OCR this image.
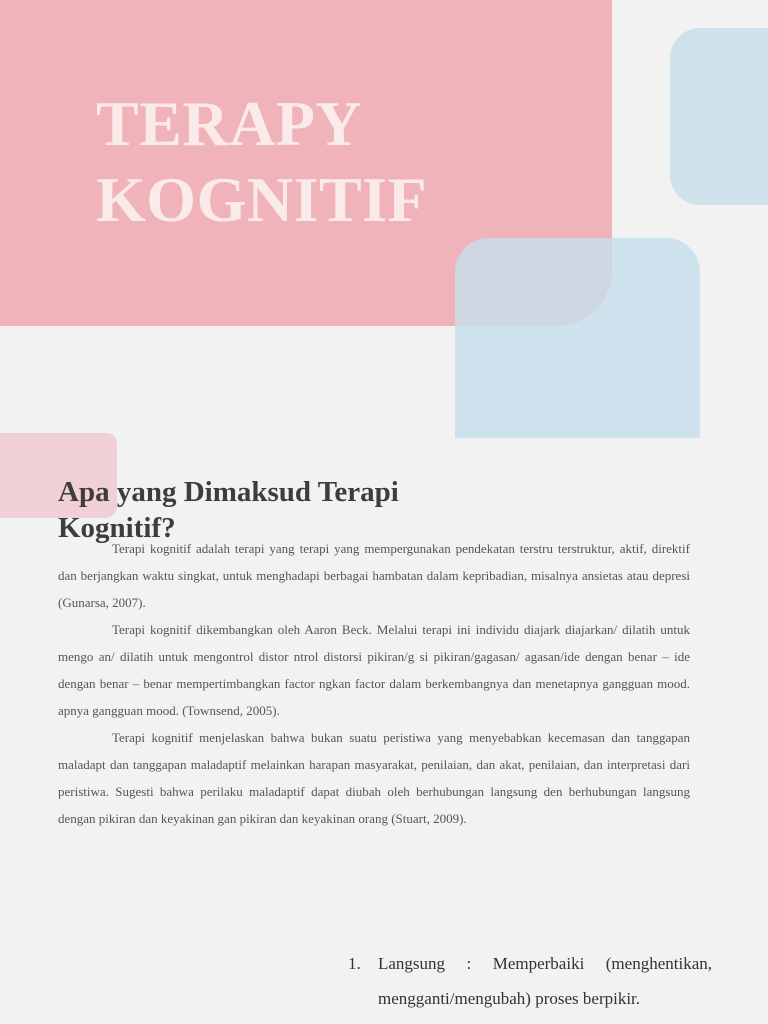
TERAPY
KOGNITIF
Apa yang Dimaksud Terapi Kognitif?

Terapi kognitif adalah terapi yang terapi yang mempergunakan pendekatan terstru terstruktur, aktif, direktif dan berjangkan waktu singkat, untuk menghadapi berbagai hambatan dalam kepribadian, misalnya ansietas atau depresi (Gunarsa, 2007).

Terapi kognitif dikembangkan oleh Aaron Beck. Melalui terapi ini individu diajark diajarkan/ dilatih untuk mengo an/ dilatih untuk mengontrol distor ntrol distorsi pikiran/g si pikiran/gagasan/ agasan/ide dengan benar – ide dengan benar – benar mempertimbangkan factor ngkan factor dalam berkembangnya dan menetapnya gangguan mood. apnya gangguan mood. (Townsend, 2005).

Terapi kognitif menjelaskan bahwa bukan suatu peristiwa yang menyebabkan kecemasan dan tanggapan maladapt dan tanggapan maladaptif melainkan harapan masyarakat, penilaian, dan akat, penilaian, dan interpretasi dari peristiwa. Sugesti bahwa perilaku maladaptif dapat diubah oleh berhubungan langsung den berhubungan langsung dengan pikiran dan keyakinan gan pikiran dan keyakinan orang (Stuart, 2009).

1. Langsung : Memperbaiki (menghentikan, mengganti/mengubah) proses berpikir.
